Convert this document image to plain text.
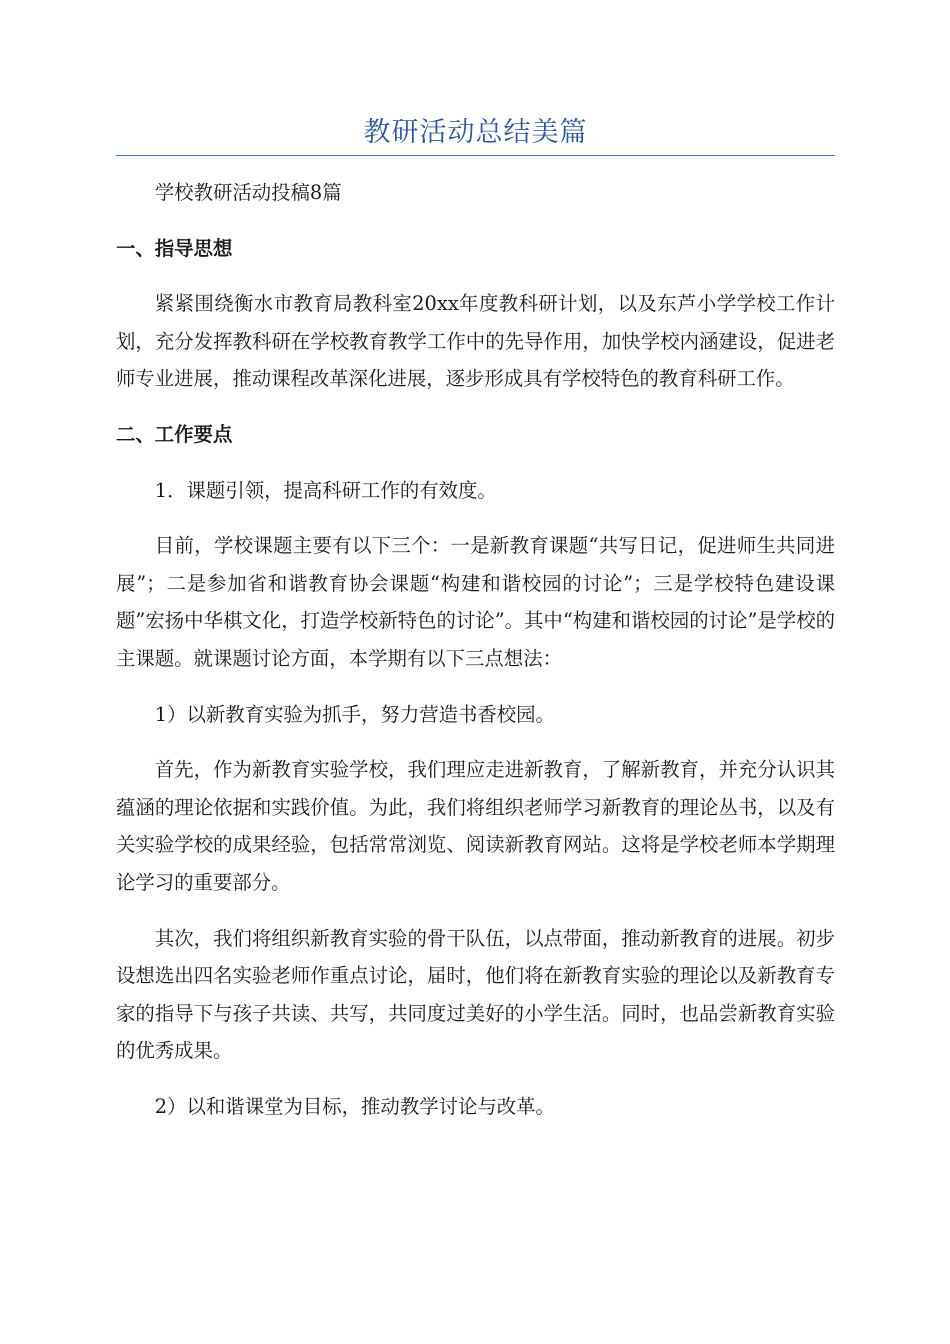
教研活动总结美篇

学校教研活动投稿8篇

一、指导思想

紧紧围绕衡水市教育局教科室20xx年度教科研计划，以及东芦小学学校工作计划，充分发挥教科研在学校教育教学工作中的先导作用，加快学校内涵建设，促进老师专业进展，推动课程改革深化进展，逐步形成具有学校特色的教育科研工作。

二、工作要点

1．课题引领，提高科研工作的有效度。

目前，学校课题主要有以下三个：一是新教育课题“共写日记，促进师生共同进展”；二是参加省和谐教育协会课题“构建和谐校园的讨论”；三是学校特色建设课题”宏扬中华棋文化，打造学校新特色的讨论”。其中“构建和谐校园的讨论”是学校的主课题。就课题讨论方面，本学期有以下三点想法：

1）以新教育实验为抓手，努力营造书香校园。

首先，作为新教育实验学校，我们理应走进新教育，了解新教育，并充分认识其蕴涵的理论依据和实践价值。为此，我们将组织老师学习新教育的理论丛书，以及有关实验学校的成果经验，包括常常浏览、阅读新教育网站。这将是学校老师本学期理论学习的重要部分。

其次，我们将组织新教育实验的骨干队伍，以点带面，推动新教育的进展。初步设想选出四名实验老师作重点讨论，届时，他们将在新教育实验的理论以及新教育专家的指导下与孩子共读、共写，共同度过美好的小学生活。同时，也品尝新教育实验的优秀成果。

2）以和谐课堂为目标，推动教学讨论与改革。
